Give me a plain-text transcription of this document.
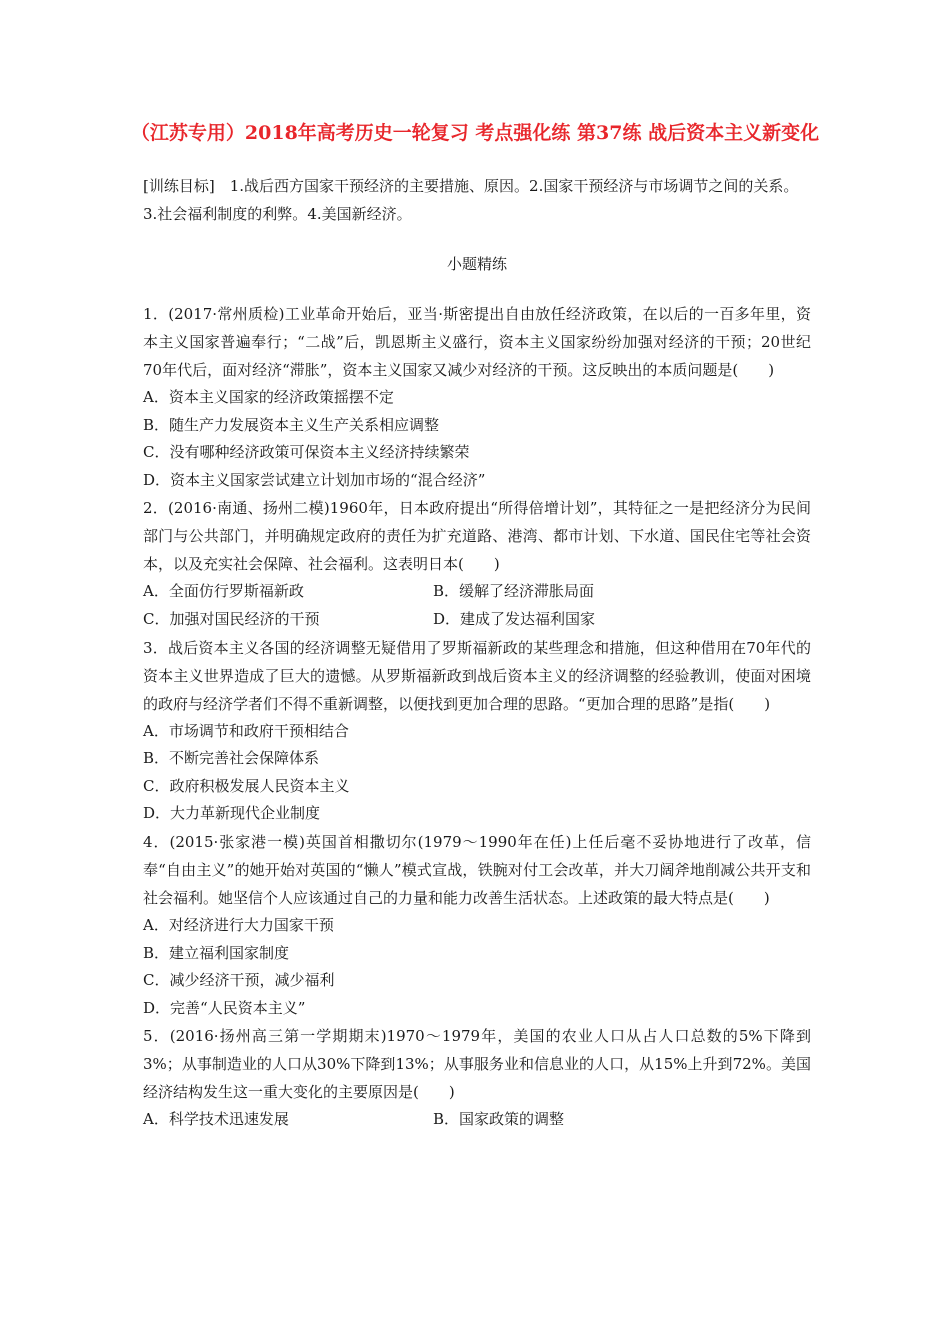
（江苏专用）2018年高考历史一轮复习 考点强化练 第37练 战后资本主义新变化
[训练目标]　 1.战后西方国家干预经济的主要措施、原因。2.国家干预经济与市场调节之间的关系。3.社会福利制度的利弊。4.美国新经济。
小题精练
1．(2017·常州质检)工业革命开始后，亚当·斯密提出自由放任经济政策，在以后的一百多年里，资本主义国家普遍奉行；“二战”后，凯恩斯主义盛行，资本主义国家纷纷加强对经济的干预；20世纪70年代后，面对经济“滞胀”，资本主义国家又减少对经济的干预。这反映出的本质问题是(　　)
A．资本主义国家的经济政策摇摆不定
B．随生产力发展资本主义生产关系相应调整
C．没有哪种经济政策可保资本主义经济持续繁荣
D．资本主义国家尝试建立计划加市场的“混合经济”
2．(2016·南通、扬州二模)1960年，日本政府提出“所得倍增计划”，其特征之一是把经济分为民间部门与公共部门，并明确规定政府的责任为扩充道路、港湾、都市计划、下水道、国民住宅等社会资本，以及充实社会保障、社会福利。这表明日本(　　)
A．全面仿行罗斯福新政	B．缓解了经济滞胀局面
C．加强对国民经济的干预	D．建成了发达福利国家
3．战后资本主义各国的经济调整无疑借用了罗斯福新政的某些理念和措施，但这种借用在70年代的资本主义世界造成了巨大的遗憾。从罗斯福新政到战后资本主义的经济调整的经验教训，使面对困境的政府与经济学者们不得不重新调整，以便找到更加合理的思路。“更加合理的思路”是指(　　)
A．市场调节和政府干预相结合
B．不断完善社会保障体系
C．政府积极发展人民资本主义
D．大力革新现代企业制度
4．(2015·张家港一模)英国首相撒切尔(1979～1990年在任)上任后毫不妥协地进行了改革，信奉“自由主义”的她开始对英国的“懒人”模式宣战，铁腕对付工会改革，并大刀阔斧地削减公共开支和社会福利。她坚信个人应该通过自己的力量和能力改善生活状态。上述政策的最大特点是(　　)
A．对经济进行大力国家干预
B．建立福利国家制度
C．减少经济干预，减少福利
D．完善“人民资本主义”
5．(2016·扬州高三第一学期期末)1970～1979年，美国的农业人口从占人口总数的5%下降到3%；从事制造业的人口从30%下降到13%；从事服务业和信息业的人口，从15%上升到72%。美国经济结构发生这一重大变化的主要原因是(　　)
A．科学技术迅速发展	B．国家政策的调整
